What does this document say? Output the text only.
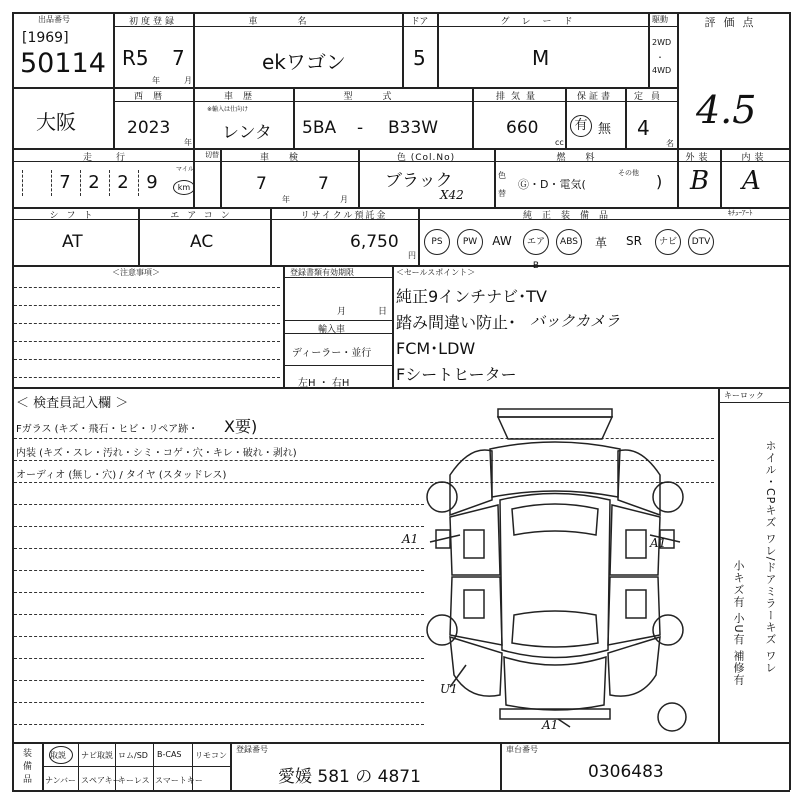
出品番号
[1969]
50114
初度登録
R5 7
年	月
車名
ekワゴン
ドア
5
グレード
M
駆動
2WD
・
4WD
評価点
4.5
大阪
西暦
2023
年
車歴
※輸入は仕向け
レンタ
型式
5BA - B33W
排気量
660
cc
保証書
有 無
定員
4
名
走行
7 2 2 9
マイル
km
切替	車検
7
年
7
月
色 (Col.No)
ブラック
X42
色
替
燃料
Ⓖ・D・電気(
その他 )
外装
B
内装
A
シフト
AT
エアコン
AC
リサイクル預託金
6,750
円
純正装備品	ｷﾁｭｰｱｰﾄ
PS	PW	AW	エアB
ABS	革	SR	ナビ	DTV
＜注意事項＞	登録書類有効期限
月	日
輸入車
ディーラー・並行
左H ・ 右H
＜セールスポイント＞
純正9インチナビ･TV
踏み間違い防止･ バックカメラ
FCM･LDW
Fシートヒーター
＜ 検査員記入欄 ＞
Fガラス (キズ・飛石・ヒビ・リペア跡・ X要)
内装 (キズ・スレ・汚れ・シミ・コゲ・穴・キレ・破れ・剥れ)
オーディオ (無し・穴) / タイヤ (スタッドレス)
キーロック
ホイル・CPキズ ワレ/ドアミラーキズ ワレ
小キズ有 小U有 補修有
A1	A1
U1
A1
装備品 取説 ナビ取説 ロム/SD B-CAS リモコン
ナンバー スペアキー
キーレス スマートキー
登録番号
愛媛 581 の 4871
車台番号
0306483
